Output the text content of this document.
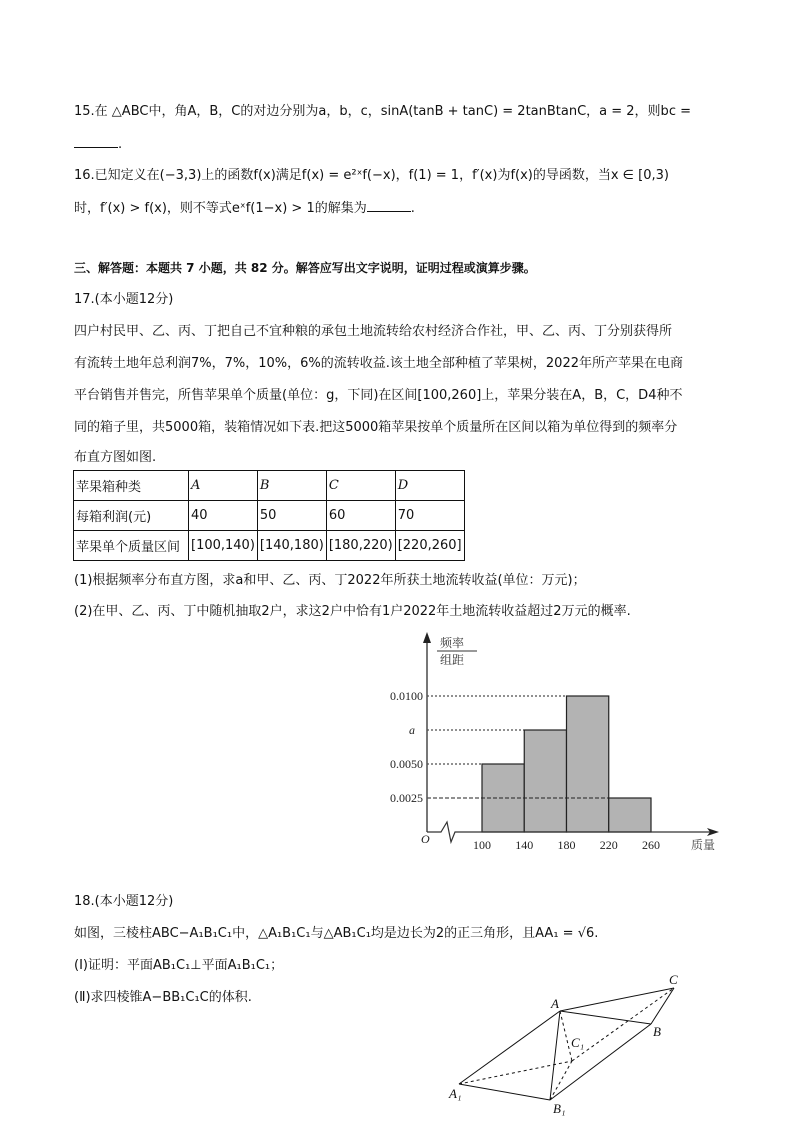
15.在 △ABC中，角A，B，C的对边分别为a，b，c，sinA(tanB + tanC) = 2tanBtanC，a = 2，则bc =
.
16.已知定义在(−3,3)上的函数f(x)满足f(x) = e²ˣf(−x)，f(1) = 1，f′(x)为f(x)的导函数，当x ∈ [0,3)
时，f′(x) > f(x)，则不等式eˣf(1−x) > 1的解集为	.
三、解答题：本题共 7 小题，共 82 分。解答应写出文字说明，证明过程或演算步骤。
17.(本小题12分)
四户村民甲、乙、丙、丁把自己不宜种粮的承包土地流转给农村经济合作社，甲、乙、丙、丁分别获得所
有流转土地年总利润7%，7%，10%，6%的流转收益.该土地全部种植了苹果树，2022年所产苹果在电商
平台销售并售完，所售苹果单个质量(单位：g，下同)在区间[100,260]上，苹果分装在A，B，C，D4种不
同的箱子里，共5000箱，装箱情况如下表.把这5000箱苹果按单个质量所在区间以箱为单位得到的频率分
布直方图如图.
苹果箱种类	A	B	C	D
每箱利润(元)	40	50	60	70
苹果单个质量区间	[100,140)	[140,180)	[180,220)	[220,260]
(1)根据频率分布直方图，求a和甲、乙、丙、丁2022年所获土地流转收益(单位：万元)；
(2)在甲、乙、丙、丁中随机抽取2户，求这2户中恰有1户2022年土地流转收益超过2万元的概率.
频率
组距
O	质量
0.0100
a
0.0050
0.0025
100 140 180 220 260
18.(本小题12分)
如图，三棱柱ABC−A₁B₁C₁中，△A₁B₁C₁与△AB₁C₁均是边长为2的正三角形，且AA₁ = √6.
(Ⅰ)证明：平面AB₁C₁⊥平面A₁B₁C₁；
(Ⅱ)求四棱锥A−BB₁C₁C的体积.	A
B
C
A₁
B₁
C₁
